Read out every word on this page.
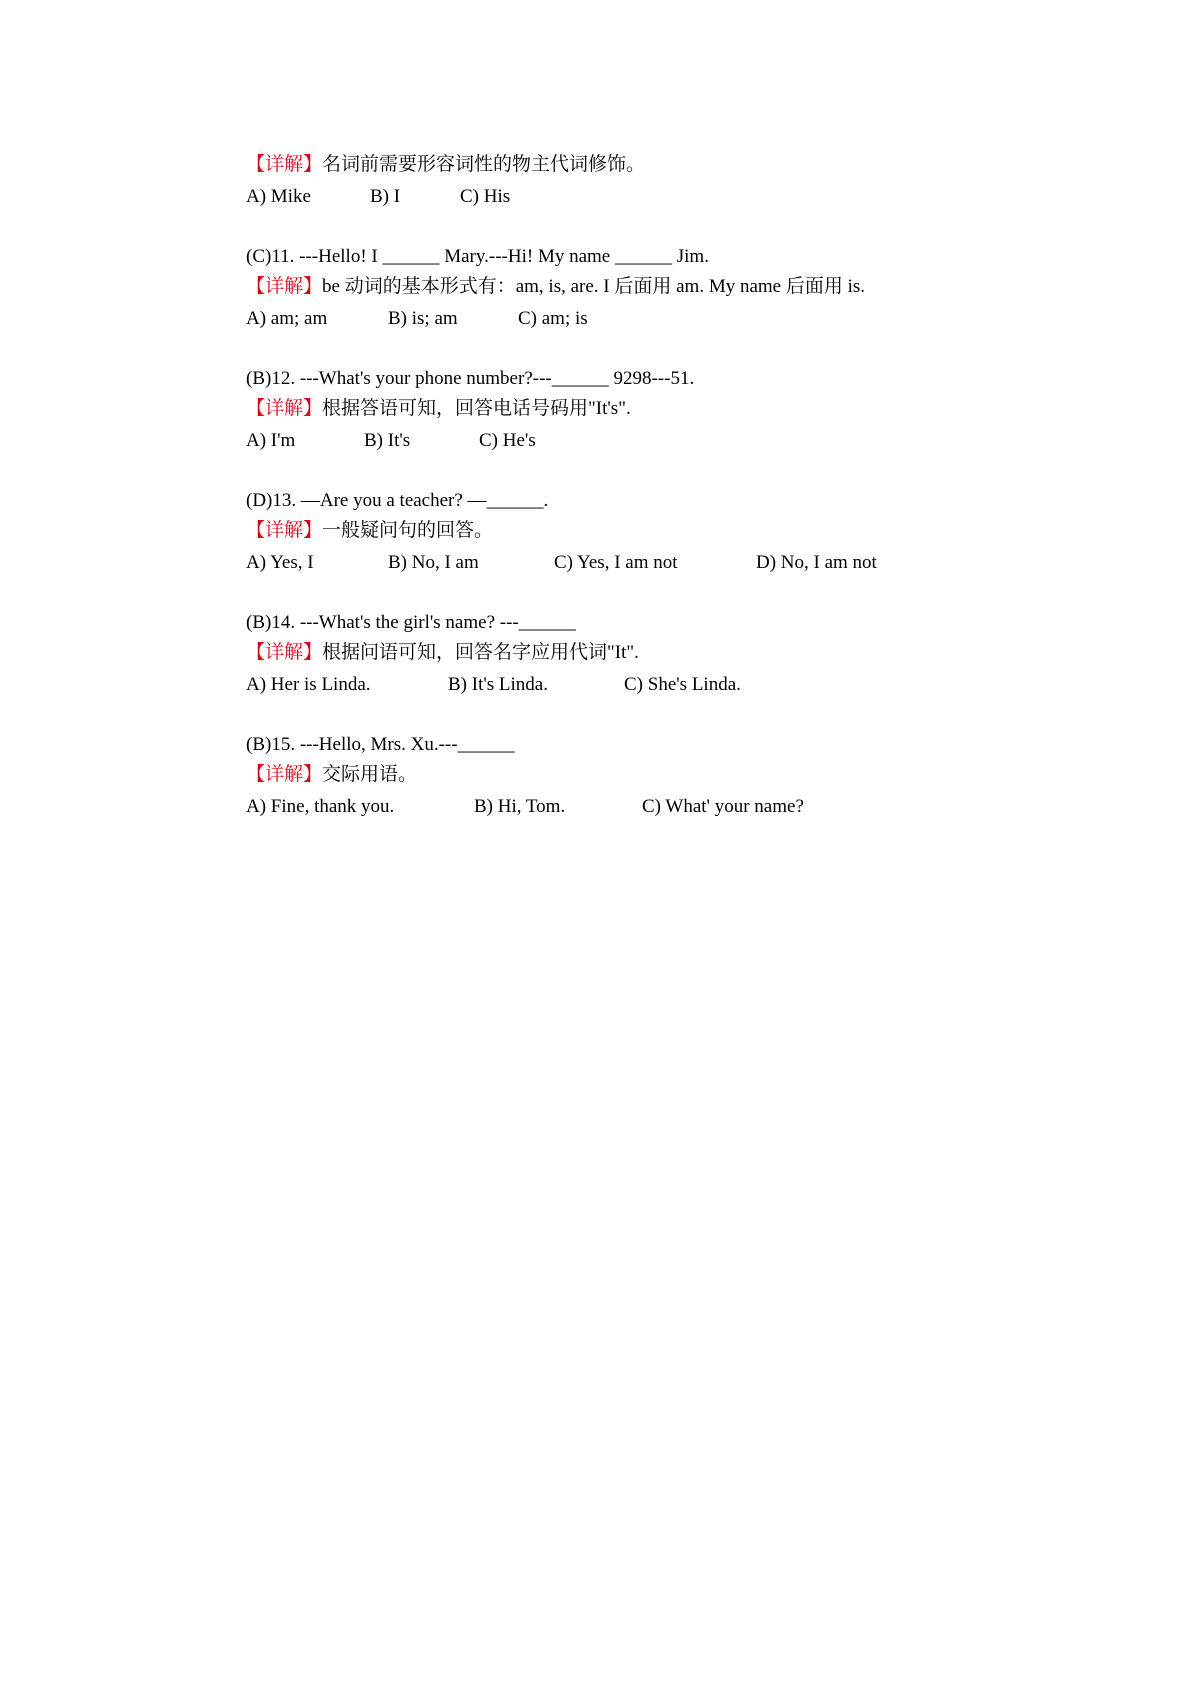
【详解】名词前需要形容词性的物主代词修饰。
A) Mike	B) I	C) His
(C)11. ---Hello! I ______ Mary.---Hi! My name ______ Jim.
【详解】be 动词的基本形式有：am, is, are. I 后面用 am. My name 后面用 is.
A) am; am	B) is; am	C) am; is
(B)12. ---What's your phone number?---______ 9298---51.
【详解】根据答语可知，回答电话号码用"It's".
A) I'm	B) It's	C) He's
(D)13. —Are you a teacher? —______.
【详解】一般疑问句的回答。
A) Yes, I	B) No, I am	C) Yes, I am not	D) No, I am not
(B)14. ---What's the girl's name? ---______
【详解】根据问语可知，回答名字应用代词"It".
A) Her is Linda.	B) It's Linda.	C) She's Linda.
(B)15. ---Hello, Mrs. Xu.---______
【详解】交际用语。
A) Fine, thank you.	B) Hi, Tom.	C) What' your name?
